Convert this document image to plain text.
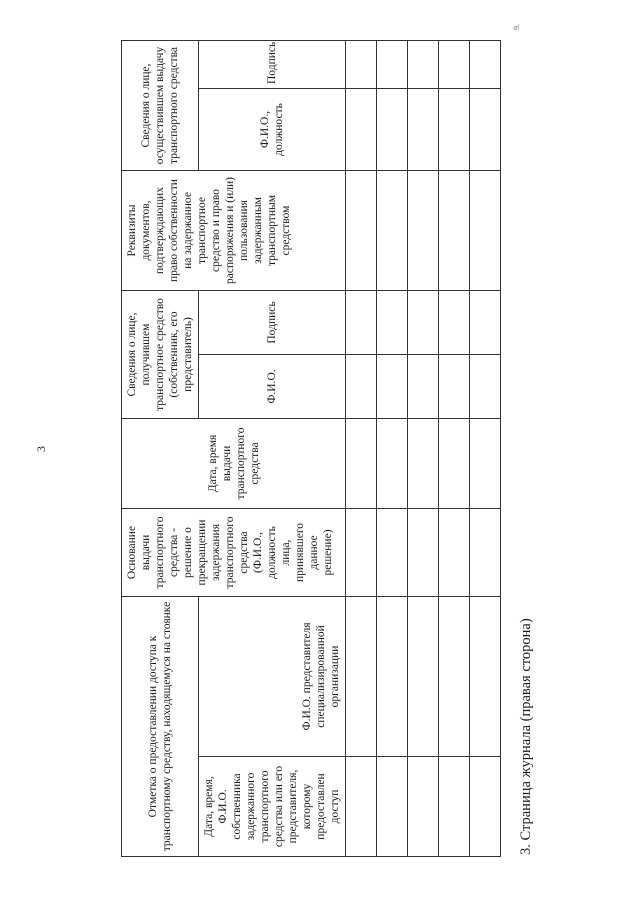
3
9.
3. Страница журнала (правая сторона)
Отметка о предоставлении доступа к транспортному средству, находящемуся на стоянке		Основание выдачи транспортного средства - решение о прекращении задержания транспортного средства (Ф.И.О., должность лица, принявшего данное решение)	Дата, время выдачи транспортного средства	Сведения о лице, получившем транспортное средство (собственник, его представитель)		Реквизиты документов, подтверждающих право собственности на задержанное транспортное средство и право распоряжения и (или) пользования задержанным транспортным средством	Сведения о лице, осуществившем выдачу транспортного средства	
Дата, время, Ф.И.О. собственника задержанного транспортного средства или его представителя, которому предоставлен доступ	Ф.И.О. представителя специализированной организации			Ф.И.О.	Подпись		Ф.И.О., должность	Подпись
